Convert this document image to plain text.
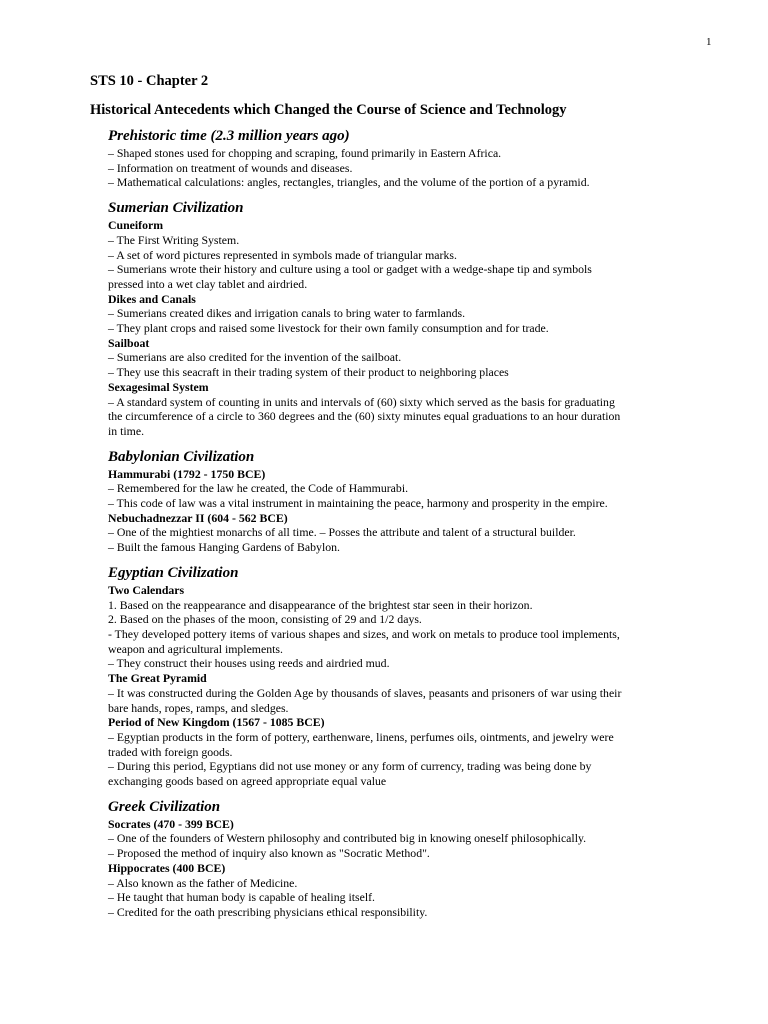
1
STS 10 - Chapter 2
Historical Antecedents which Changed the Course of Science and Technology
Prehistoric time (2.3 million years ago)
– Shaped stones used for chopping and scraping, found primarily in Eastern Africa.
– Information on treatment of wounds and diseases.
– Mathematical calculations: angles, rectangles, triangles, and the volume of the portion of a pyramid.
Sumerian Civilization
Cuneiform
– The First Writing System.
– A set of word pictures represented in symbols made of triangular marks.
– Sumerians wrote their history and culture using a tool or gadget with a wedge-shape tip and symbols
pressed into a wet clay tablet and airdried.
Dikes and Canals
– Sumerians created dikes and irrigation canals to bring water to farmlands.
– They plant crops and raised some livestock for their own family consumption and for trade.
Sailboat
– Sumerians are also credited for the invention of the sailboat.
– They use this seacraft in their trading system of their product to neighboring places
Sexagesimal System
– A standard system of counting in units and intervals of (60) sixty which served as the basis for graduating
the circumference of a circle to 360 degrees and the (60) sixty minutes equal graduations to an hour duration
in time.
Babylonian Civilization
Hammurabi (1792 - 1750 BCE)
– Remembered for the law he created, the Code of Hammurabi.
– This code of law was a vital instrument in maintaining the peace, harmony and prosperity in the empire.
Nebuchadnezzar II (604 - 562 BCE)
– One of the mightiest monarchs of all time. – Posses the attribute and talent of a structural builder.
– Built the famous Hanging Gardens of Babylon.
Egyptian Civilization
Two Calendars
1. Based on the reappearance and disappearance of the brightest star seen in their horizon.
2. Based on the phases of the moon, consisting of 29 and 1/2 days.
- They developed pottery items of various shapes and sizes, and work on metals to produce tool implements,
weapon and agricultural implements.
– They construct their houses using reeds and airdried mud.
The Great Pyramid
– It was constructed during the Golden Age by thousands of slaves, peasants and prisoners of war using their
bare hands, ropes, ramps, and sledges.
Period of New Kingdom (1567 - 1085 BCE)
– Egyptian products in the form of pottery, earthenware, linens, perfumes oils, ointments, and jewelry were
traded with foreign goods.
– During this period, Egyptians did not use money or any form of currency, trading was being done by
exchanging goods based on agreed appropriate equal value
Greek Civilization
Socrates (470 - 399 BCE)
– One of the founders of Western philosophy and contributed big in knowing oneself philosophically.
– Proposed the method of inquiry also known as "Socratic Method".
Hippocrates (400 BCE)
– Also known as the father of Medicine.
– He taught that human body is capable of healing itself.
– Credited for the oath prescribing physicians ethical responsibility.
